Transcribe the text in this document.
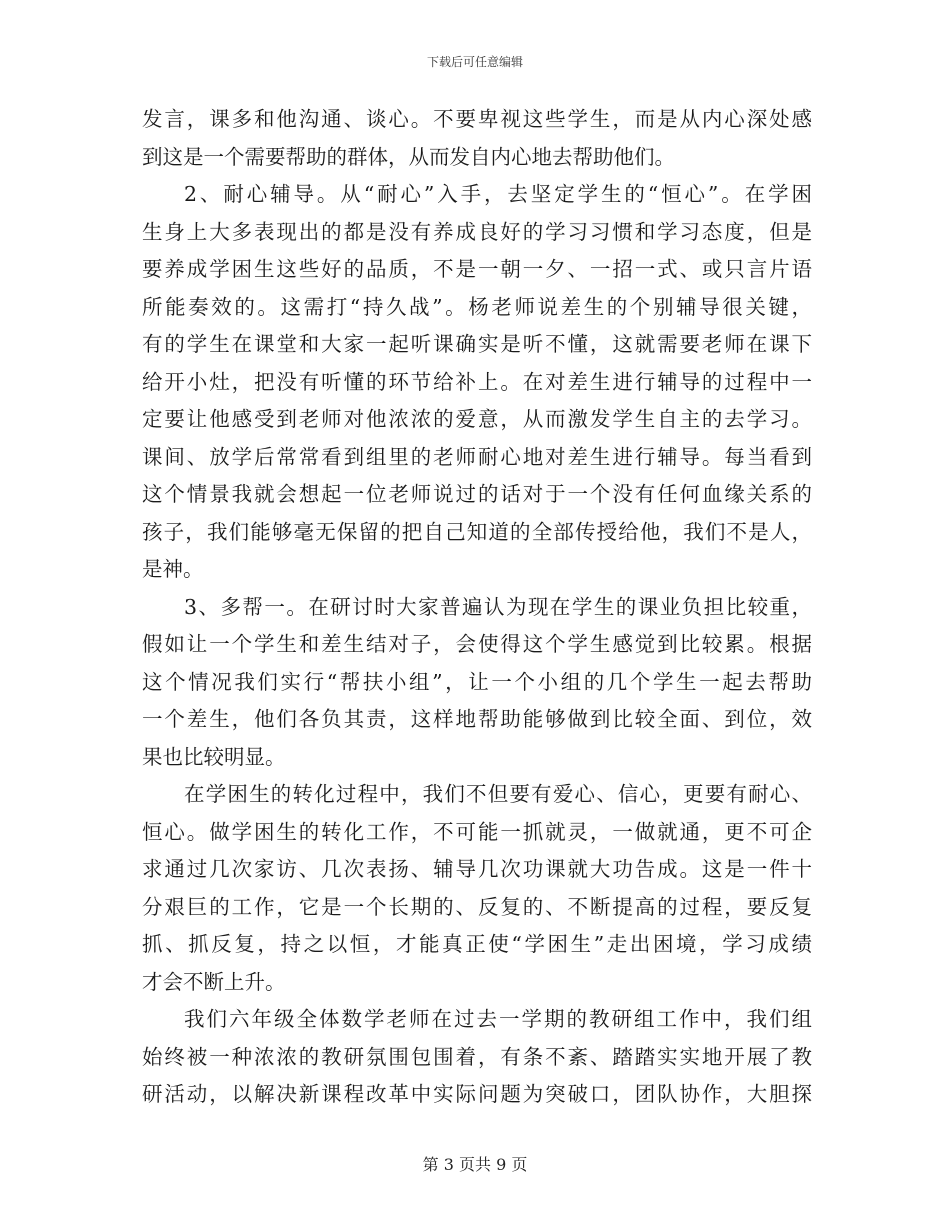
下载后可任意编辑
发言，课多和他沟通、谈心。不要卑视这些学生，而是从内心深处感
到这是一个需要帮助的群体，从而发自内心地去帮助他们。
2、耐心辅导。从“耐心”入手，去坚定学生的“恒心”。在学困
生身上大多表现出的都是没有养成良好的学习习惯和学习态度，但是
要养成学困生这些好的品质，不是一朝一夕、一招一式、或只言片语
所能奏效的。这需打“持久战”。杨老师说差生的个别辅导很关键，
有的学生在课堂和大家一起听课确实是听不懂，这就需要老师在课下
给开小灶，把没有听懂的环节给补上。在对差生进行辅导的过程中一
定要让他感受到老师对他浓浓的爱意，从而激发学生自主的去学习。
课间、放学后常常看到组里的老师耐心地对差生进行辅导。每当看到
这个情景我就会想起一位老师说过的话对于一个没有任何血缘关系的
孩子，我们能够毫无保留的把自己知道的全部传授给他，我们不是人，
是神。
3、多帮一。在研讨时大家普遍认为现在学生的课业负担比较重，
假如让一个学生和差生结对子，会使得这个学生感觉到比较累。根据
这个情况我们实行“帮扶小组”，让一个小组的几个学生一起去帮助
一个差生，他们各负其责，这样地帮助能够做到比较全面、到位，效
果也比较明显。
在学困生的转化过程中，我们不但要有爱心、信心，更要有耐心、
恒心。做学困生的转化工作，不可能一抓就灵，一做就通，更不可企
求通过几次家访、几次表扬、辅导几次功课就大功告成。这是一件十
分艰巨的工作，它是一个长期的、反复的、不断提高的过程，要反复
抓、抓反复，持之以恒，才能真正使“学困生”走出困境，学习成绩
才会不断上升。
我们六年级全体数学老师在过去一学期的教研组工作中，我们组
始终被一种浓浓的教研氛围包围着，有条不紊、踏踏实实地开展了教
研活动，以解决新课程改革中实际问题为突破口，团队协作，大胆探
第 3 页共 9 页
